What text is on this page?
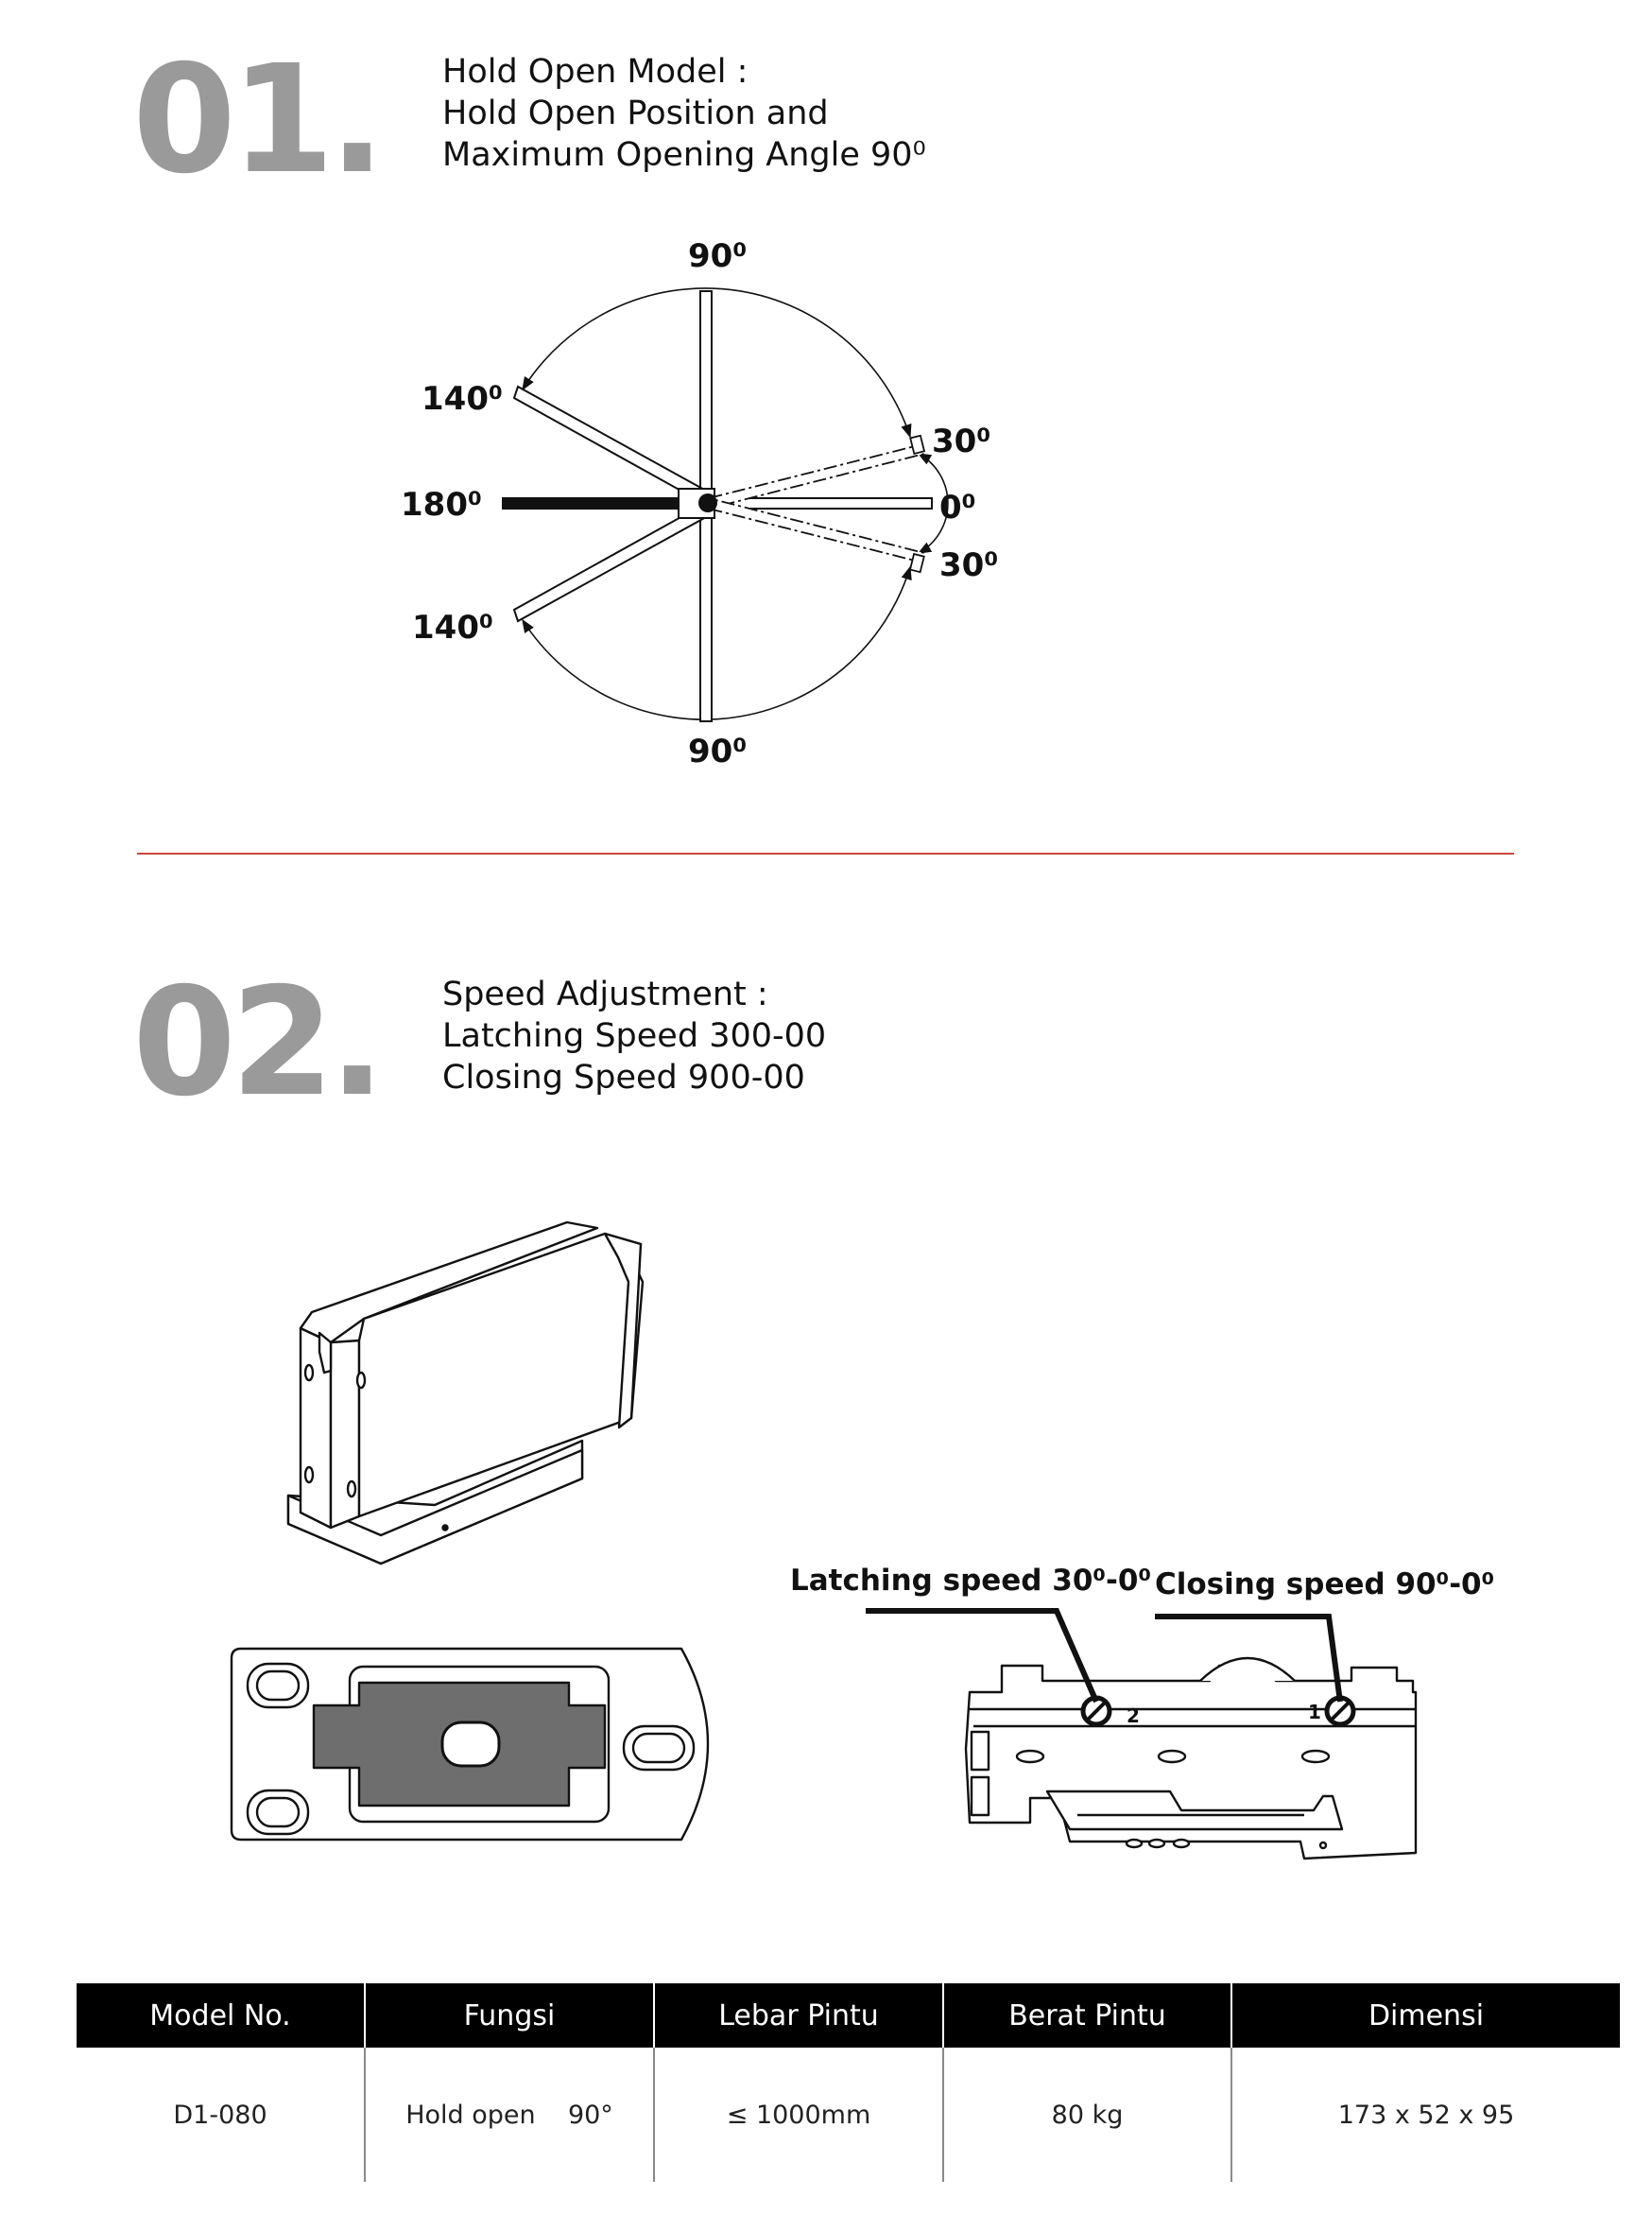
01. Hold Open Model :
Hold Open Position and
Maximum Opening Angle 90⁰
90⁰
90⁰
180⁰
140⁰
140⁰
30⁰
0⁰
30⁰
02. Speed Adjustment :
Latching Speed 300-00
Closing Speed 900-00
2	1
Latching speed 30⁰-0⁰ Closing speed 90⁰-0⁰
Model No.	Fungsi	Lebar Pintu	Berat Pintu	Dimensi
D1-080	Hold open    90°	≤ 1000mm	80 kg	173 x 52 x 95
